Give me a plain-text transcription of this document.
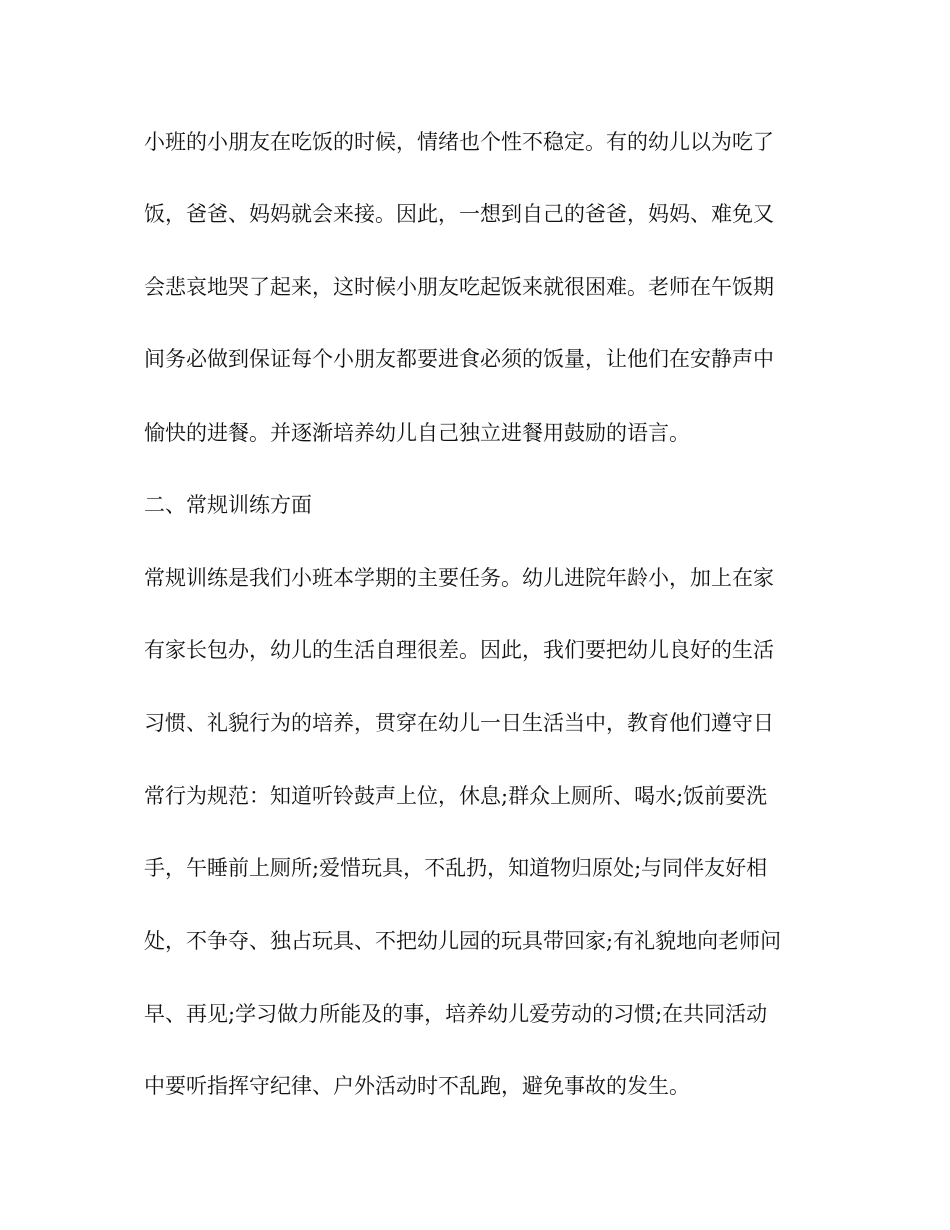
小班的小朋友在吃饭的时候，情绪也个性不稳定。有的幼儿以为吃了
饭，爸爸、妈妈就会来接。因此，一想到自己的爸爸，妈妈、难免又
会悲哀地哭了起来，这时候小朋友吃起饭来就很困难。老师在午饭期
间务必做到保证每个小朋友都要进食必须的饭量，让他们在安静声中
愉快的进餐。并逐渐培养幼儿自己独立进餐用鼓励的语言。
二、常规训练方面
常规训练是我们小班本学期的主要任务。幼儿进院年龄小，加上在家
有家长包办，幼儿的生活自理很差。因此，我们要把幼儿良好的生活
习惯、礼貌行为的培养，贯穿在幼儿一日生活当中，教育他们遵守日
常行为规范：知道听铃鼓声上位，休息;群众上厕所、喝水;饭前要洗
手，午睡前上厕所;爱惜玩具，不乱扔，知道物归原处;与同伴友好相
处，不争夺、独占玩具、不把幼儿园的玩具带回家;有礼貌地向老师问
早、再见;学习做力所能及的事，培养幼儿爱劳动的习惯;在共同活动
中要听指挥守纪律、户外活动时不乱跑，避免事故的发生。
